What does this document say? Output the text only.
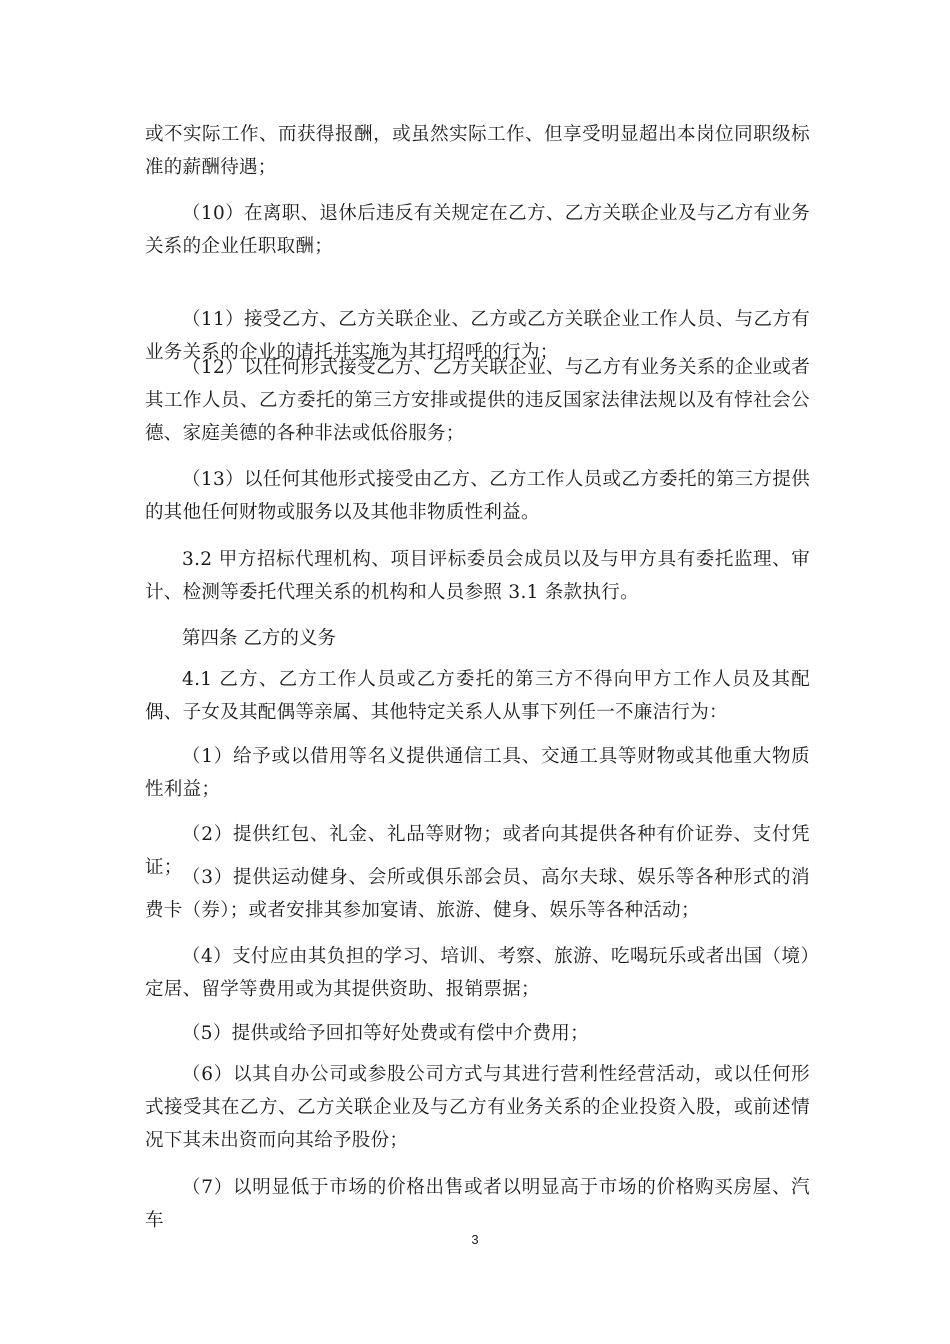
或不实际工作、而获得报酬，或虽然实际工作、但享受明显超出本岗位同职级标准的薪酬待遇；

（10）在离职、退休后违反有关规定在乙方、乙方关联企业及与乙方有业务关系的企业任职取酬；

（11）接受乙方、乙方关联企业、乙方或乙方关联企业工作人员、与乙方有业务关系的企业的请托并实施为其打招呼的行为；

（12）以任何形式接受乙方、乙方关联企业、与乙方有业务关系的企业或者其工作人员、乙方委托的第三方安排或提供的违反国家法律法规以及有悖社会公德、家庭美德的各种非法或低俗服务；

（13）以任何其他形式接受由乙方、乙方工作人员或乙方委托的第三方提供的其他任何财物或服务以及其他非物质性利益。

3.2 甲方招标代理机构、项目评标委员会成员以及与甲方具有委托监理、审计、检测等委托代理关系的机构和人员参照 3.1 条款执行。

第四条 乙方的义务

4.1 乙方、乙方工作人员或乙方委托的第三方不得向甲方工作人员及其配偶、子女及其配偶等亲属、其他特定关系人从事下列任一不廉洁行为：

（1）给予或以借用等名义提供通信工具、交通工具等财物或其他重大物质性利益；

（2）提供红包、礼金、礼品等财物；或者向其提供各种有价证券、支付凭证； （3）提供运动健身、会所或俱乐部会员、高尔夫球、娱乐等各种形式的消费卡（券）；或者安排其参加宴请、旅游、健身、娱乐等各种活动；

（4）支付应由其负担的学习、培训、考察、旅游、吃喝玩乐或者出国（境）定居、留学等费用或为其提供资助、报销票据；

（5）提供或给予回扣等好处费或有偿中介费用；

（6）以其自办公司或参股公司方式与其进行营利性经营活动，或以任何形式接受其在乙方、乙方关联企业及与乙方有业务关系的企业投资入股，或前述情况下其未出资而向其给予股份；

（7）以明显低于市场的价格出售或者以明显高于市场的价格购买房屋、汽车

3
